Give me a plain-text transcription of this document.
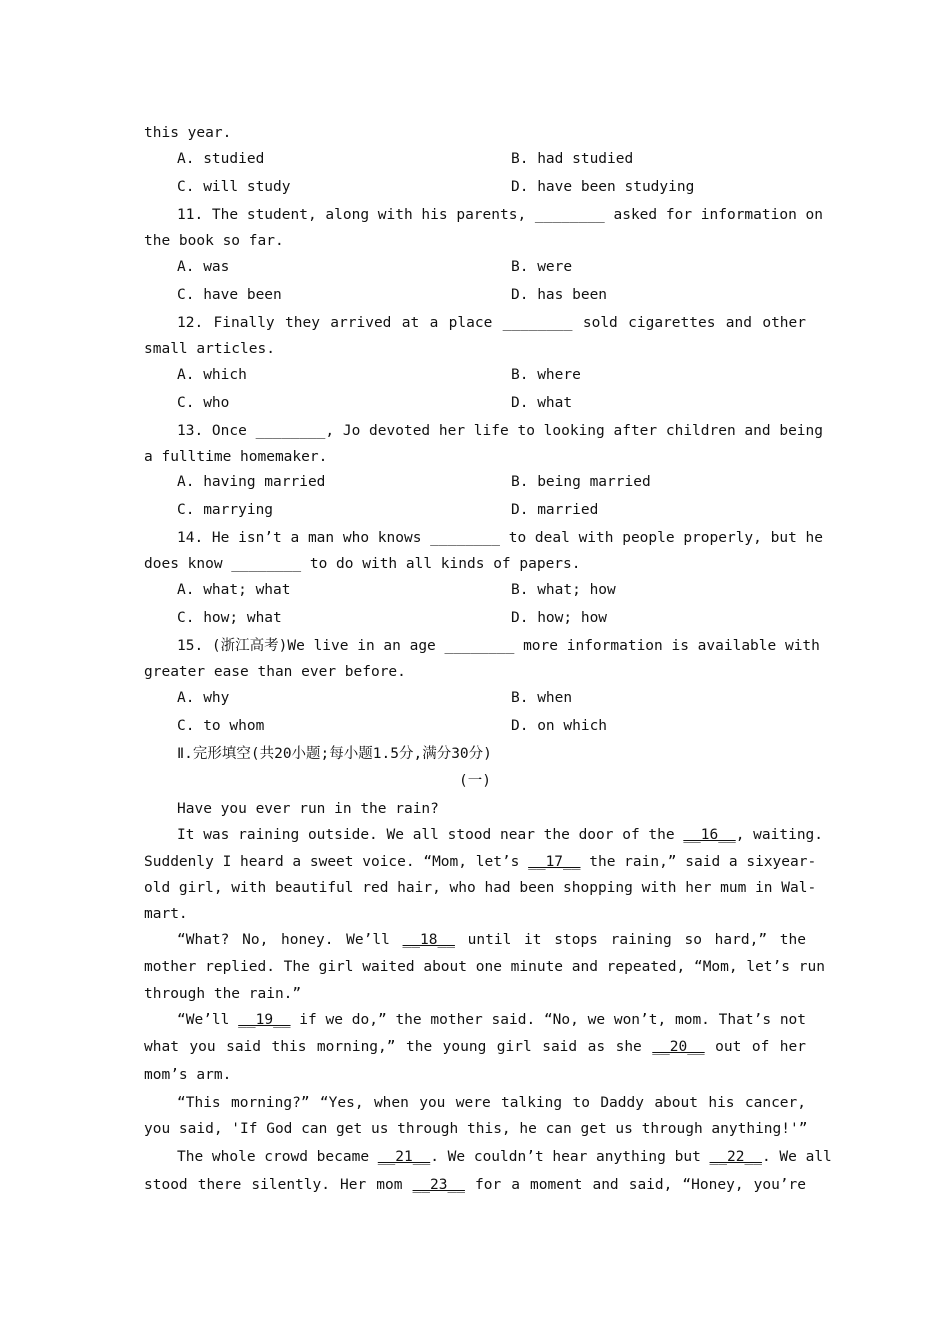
this year.
A. studied	B. had studied
C. will study	D. have been studying
11. The student, along with his parents, ________ asked for information on
the book so far.
A. was	B. were
C. have been	D. has been
12. Finally they arrived at a place ________ sold cigarettes and other
small articles.
A. which	B. where
C. who	D. what
13. Once ________, Jo devoted her life to looking after children and being
a fulltime homemaker.
A. having married	B. being married
C. marrying	D. married
14. He isn’t a man who knows ________ to deal with people properly, but he
does know ________ to do with all kinds of papers.
A. what; what	B. what; how
C. how; what	D. how; how
15. (浙江高考)We live in an age ________ more information is available with
greater ease than ever before.
A. why	B. when
C. to whom	D. on which
Ⅱ.完形填空(共20小题;每小题1.5分,满分30分)
(一)
Have you ever run in the rain?
It was raining outside. We all stood near the door of the __16__, waiting.
Suddenly I heard a sweet voice. “Mom, let’s __17__ the rain,” said a sixyear-
old girl, with beautiful red hair, who had been shopping with her mum in Wal-
mart.
“What? No, honey. We’ll __18__ until it stops raining so hard,” the
mother replied. The girl waited about one minute and repeated, “Mom, let’s run
through the rain.”
“We’ll __19__ if we do,” the mother said. “No, we won’t, mom. That’s not
what you said this morning,” the young girl said as she __20__ out of her
mom’s arm.
“This morning?” “Yes, when you were talking to Daddy about his cancer,
you said, 'If God can get us through this, he can get us through anything!'”
The whole crowd became __21__. We couldn’t hear anything but __22__. We all
stood there silently. Her mom __23__ for a moment and said, “Honey, you’re
